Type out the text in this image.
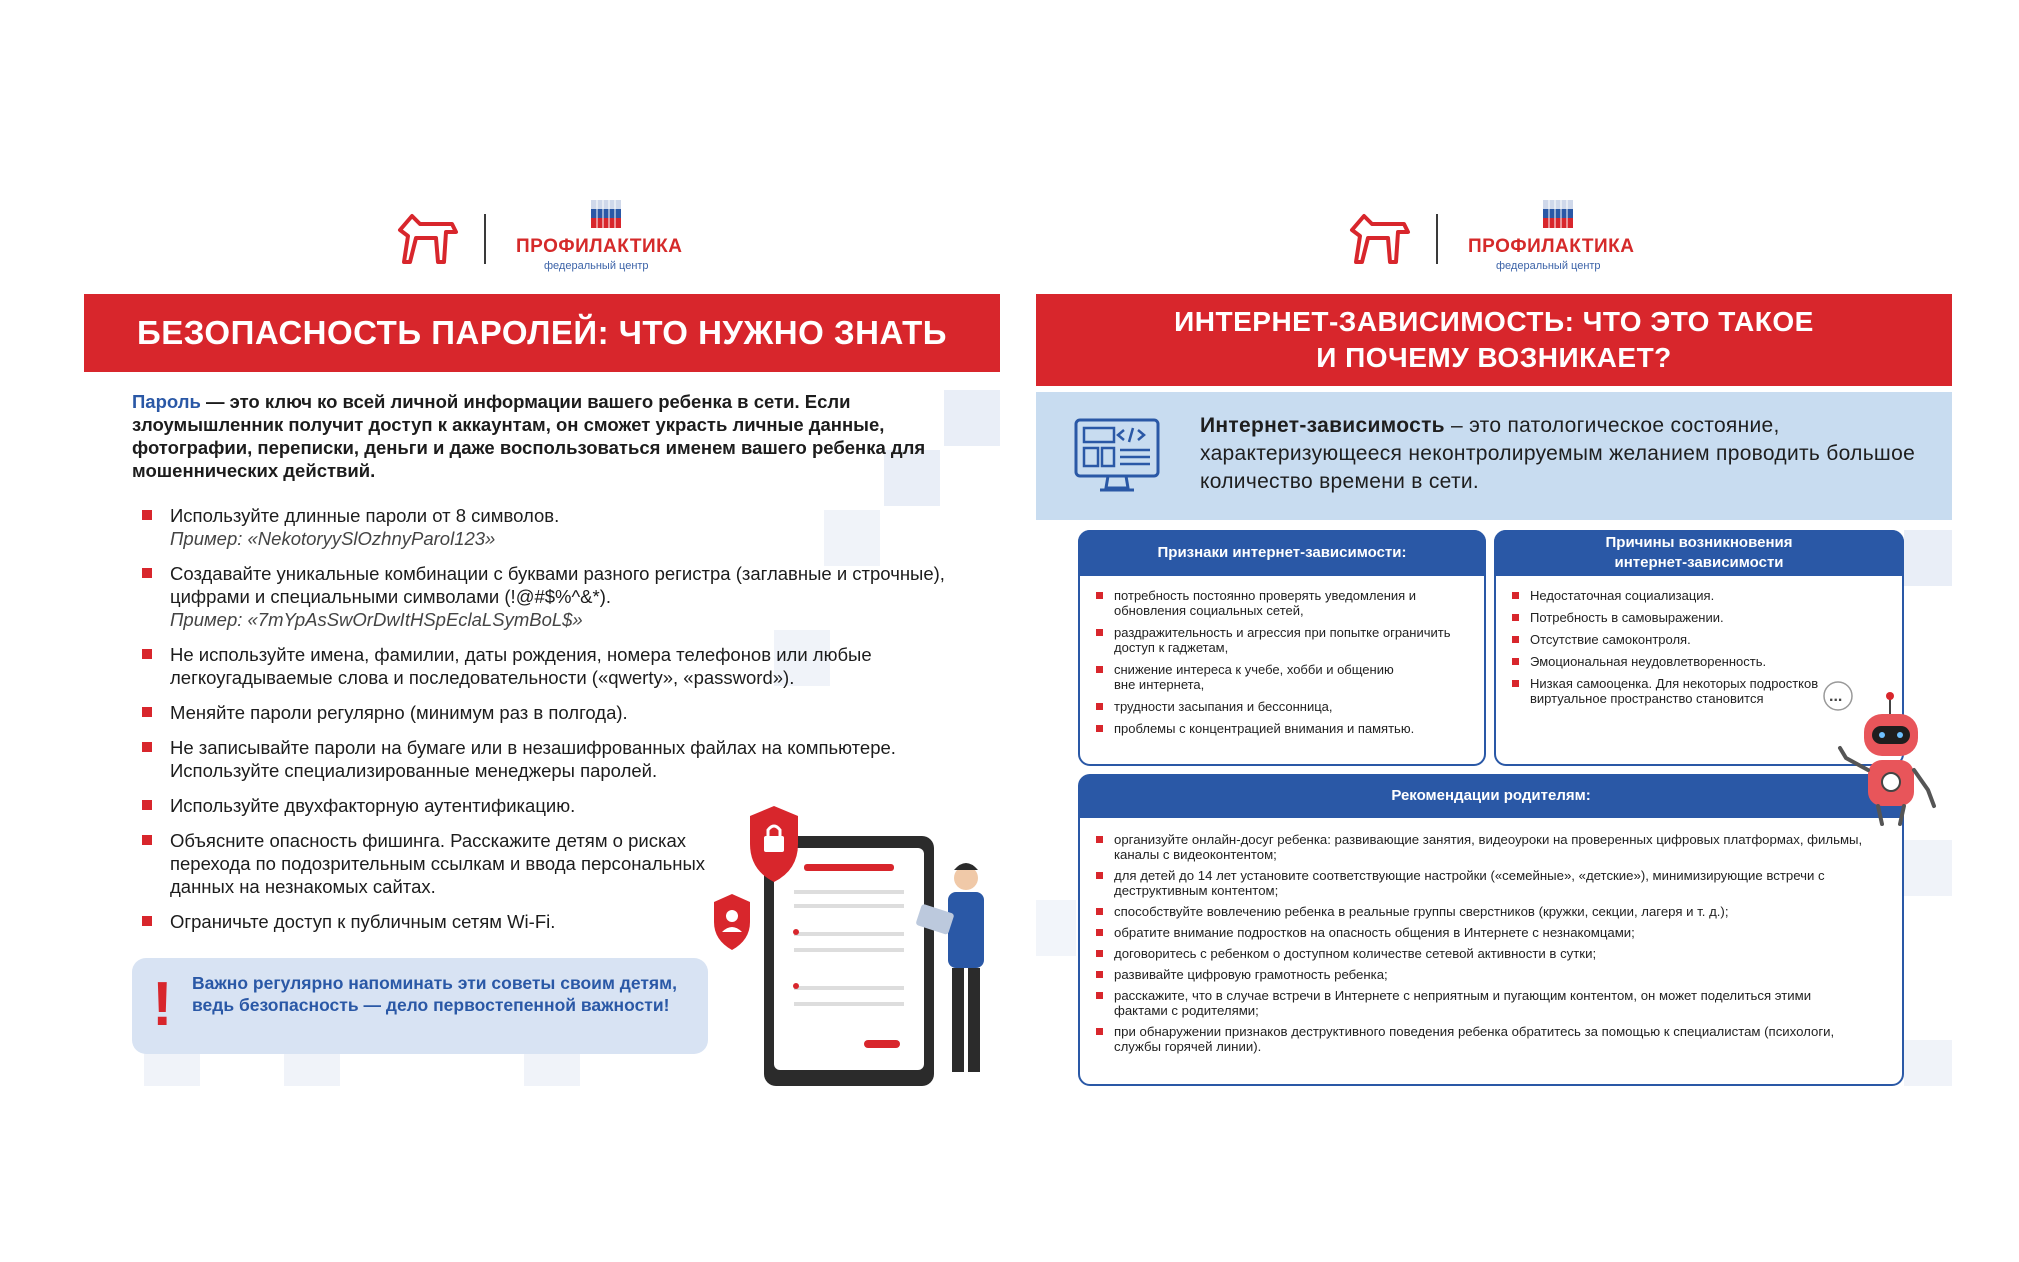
ПРОФИЛАКТИКА
федеральный центр
БЕЗОПАСНОСТЬ ПАРОЛЕЙ: ЧТО НУЖНО ЗНАТЬ
Пароль — это ключ ко всей личной информации вашего ребенка в сети. Если злоумышленник получит доступ к аккаунтам, он сможет украсть личные данные, фотографии, переписки, деньги и даже воспользоваться именем вашего ребенка для мошеннических действий.
Используйте длинные пароли от 8 символов.
Пример: «NekotoryySlOzhnyParol123»
Создавайте уникальные комбинации с буквами разного регистра (заглавные и строчные), цифрами и специальными символами (!@#$%^&*).
Пример: «7mYpAsSwOrDwItHSpEclaLSymBoL$»
Не используйте имена, фамилии, даты рождения, номера телефонов или любые легкоугадываемые слова и последовательности («qwerty», «password»).
Меняйте пароли регулярно (минимум раз в полгода).
Не записывайте пароли на бумаге или в незашифрованных файлах на компьютере. Используйте специализированные менеджеры паролей.
Используйте двухфакторную аутентификацию.
Объясните опасность фишинга. Расскажите детям о рисках перехода по подозрительным ссылкам и ввода персональных данных на незнакомых сайтах.
Ограничьте доступ к публичным сетям Wi-Fi.
! Важно регулярно напоминать эти советы своим детям, ведь безопасность — дело первостепенной важности!
ПРОФИЛАКТИКА
федеральный центр
ИНТЕРНЕТ-ЗАВИСИМОСТЬ: ЧТО ЭТО ТАКОЕ
И ПОЧЕМУ ВОЗНИКАЕТ?
Интернет-зависимость – это патологическое состояние, характеризующееся неконтролируемым желанием проводить большое количество времени в сети.
Признаки интернет-зависимости:
потребность постоянно проверять уведомления и обновления социальных сетей,
раздражительность и агрессия при попытке ограничить доступ к гаджетам,
снижение интереса к учебе, хобби и общению вне интернета,
трудности засыпания и бессонница,
проблемы с концентрацией внимания и памятью.
Причины возникновения
интернет-зависимости
Недостаточная социализация.
Потребность в самовыражении.
Отсутствие самоконтроля.
Эмоциональная неудовлетворенность.
Низкая самооценка. Для некоторых подростков виртуальное пространство становится
Рекомендации родителям:
организуйте онлайн-досуг ребенка: развивающие занятия, видеоуроки на проверенных цифровых платформах, фильмы, каналы с видеоконтентом;
для детей до 14 лет установите соответствующие настройки («семейные», «детские»), минимизирующие встречи с деструктивным контентом;
способствуйте вовлечению ребенка в реальные группы сверстников (кружки, секции, лагеря и т. д.);
обратите внимание подростков на опасность общения в Интернете с незнакомцами;
договоритесь с ребенком о доступном количестве сетевой активности в сутки;
развивайте цифровую грамотность ребенка;
расскажите, что в случае встречи в Интернете с неприятным и пугающим контентом, он может поделиться этими фактами с родителями;
при обнаружении признаков деструктивного поведения ребенка обратитесь за помощью к специалистам (психологи, службы горячей линии).
...
